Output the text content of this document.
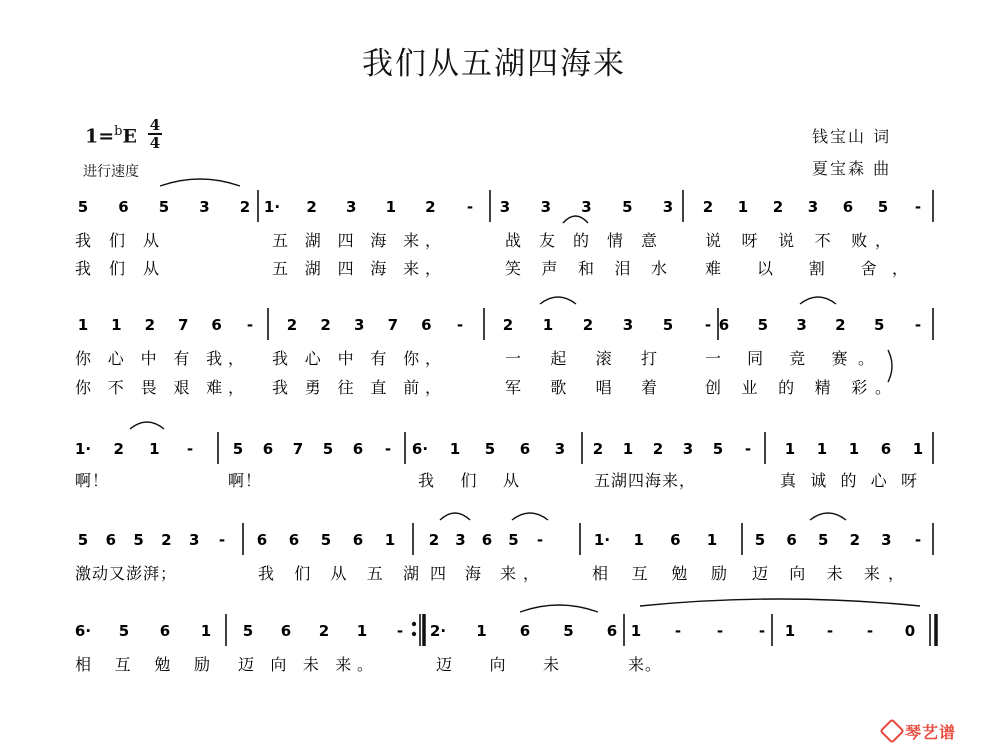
我们从五湖四海来
1=$^b$E
4
4
进行速度
钱宝山 词
夏宝森 曲
5 6 5 3 2 1· 2 3 1 2 - 3 3 3 5 3 2 1 2 3 6 5 -
我 们 从	五 湖 四 海 来，	战 友 的 情 意	说 呀 说 不 败，
我 们 从	五 湖 四 海 来，	笑 声 和 泪 水 难 以 割 舍，
1 1 2 7 6 - 2 2 3 7 6 -	2 1 2 3 5 - 6 5 3 2 5 -
你 心 中 有 我， 我 心 中 有 你，	一 起 滚 打	一 同 竞 赛。
你 不 畏 艰 难， 我 勇 往 直 前，	军 歌 唱 着	创 业 的 精 彩。
1· 2 1 -	5 6 7 5 6 - 6· 1 5 6 3 2 1 2 3 5 - 1 1 1 6 1
啊！	啊！	我 们 从	五湖四海来，	真 诚 的 心 呀
5 6 5 2 3 - 6 6 5 6 1 2 3 6 5 -	1· 1 6 1	5 6 5 2 3 -
激动又澎湃；	我 们 从 五 湖 四 海 来，	相 互 勉 励 迈 向 未 来，
6· 5 6 1 5 6 2 1 - 2· 1 6 5 6 1 - - - 1 - - 0
相 互 勉 励 迈 向 未 来。	迈 向 未	来。
琴艺谱
